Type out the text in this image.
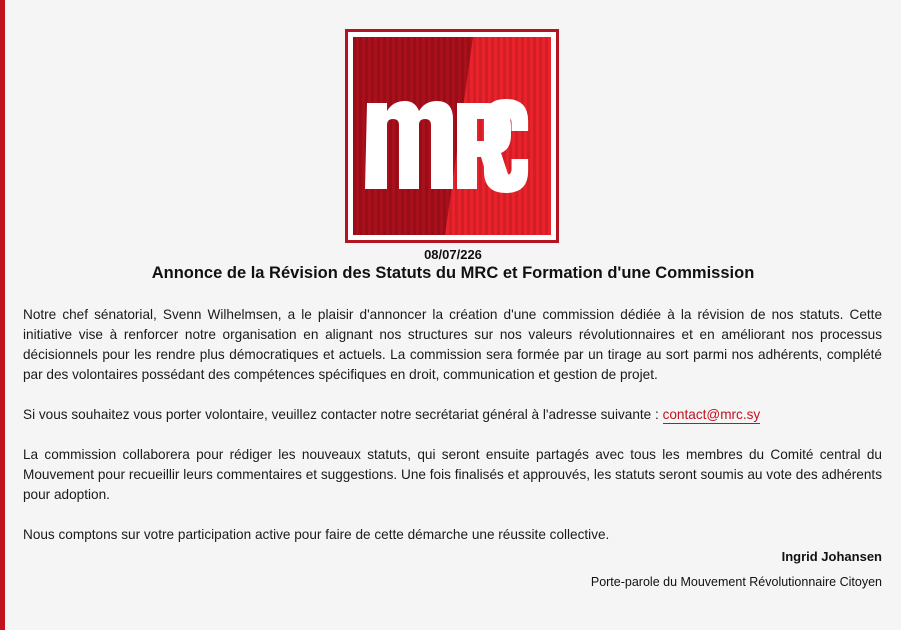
08/07/226
Annonce de la Révision des Statuts du MRC et Formation d'une Commission

Notre chef sénatorial, Svenn Wilhelmsen, a le plaisir d'annoncer la création d'une commission dédiée à la révision de nos statuts. Cette initiative vise à renforcer notre organisation en alignant nos structures sur nos valeurs révolutionnaires et en améliorant nos processus décisionnels pour les rendre plus démocratiques et actuels. La commission sera formée par un tirage au sort parmi nos adhérents, complété par des volontaires possédant des compétences spécifiques en droit, communication et gestion de projet.

Si vous souhaitez vous porter volontaire, veuillez contacter notre secrétariat général à l'adresse suivante : contact@mrc.sy

La commission collaborera pour rédiger les nouveaux statuts, qui seront ensuite partagés avec tous les membres du Comité central du Mouvement pour recueillir leurs commentaires et suggestions. Une fois finalisés et approuvés, les statuts seront soumis au vote des adhérents pour adoption.

Nous comptons sur votre participation active pour faire de cette démarche une réussite collective.

Ingrid Johansen
Porte-parole du Mouvement Révolutionnaire Citoyen
